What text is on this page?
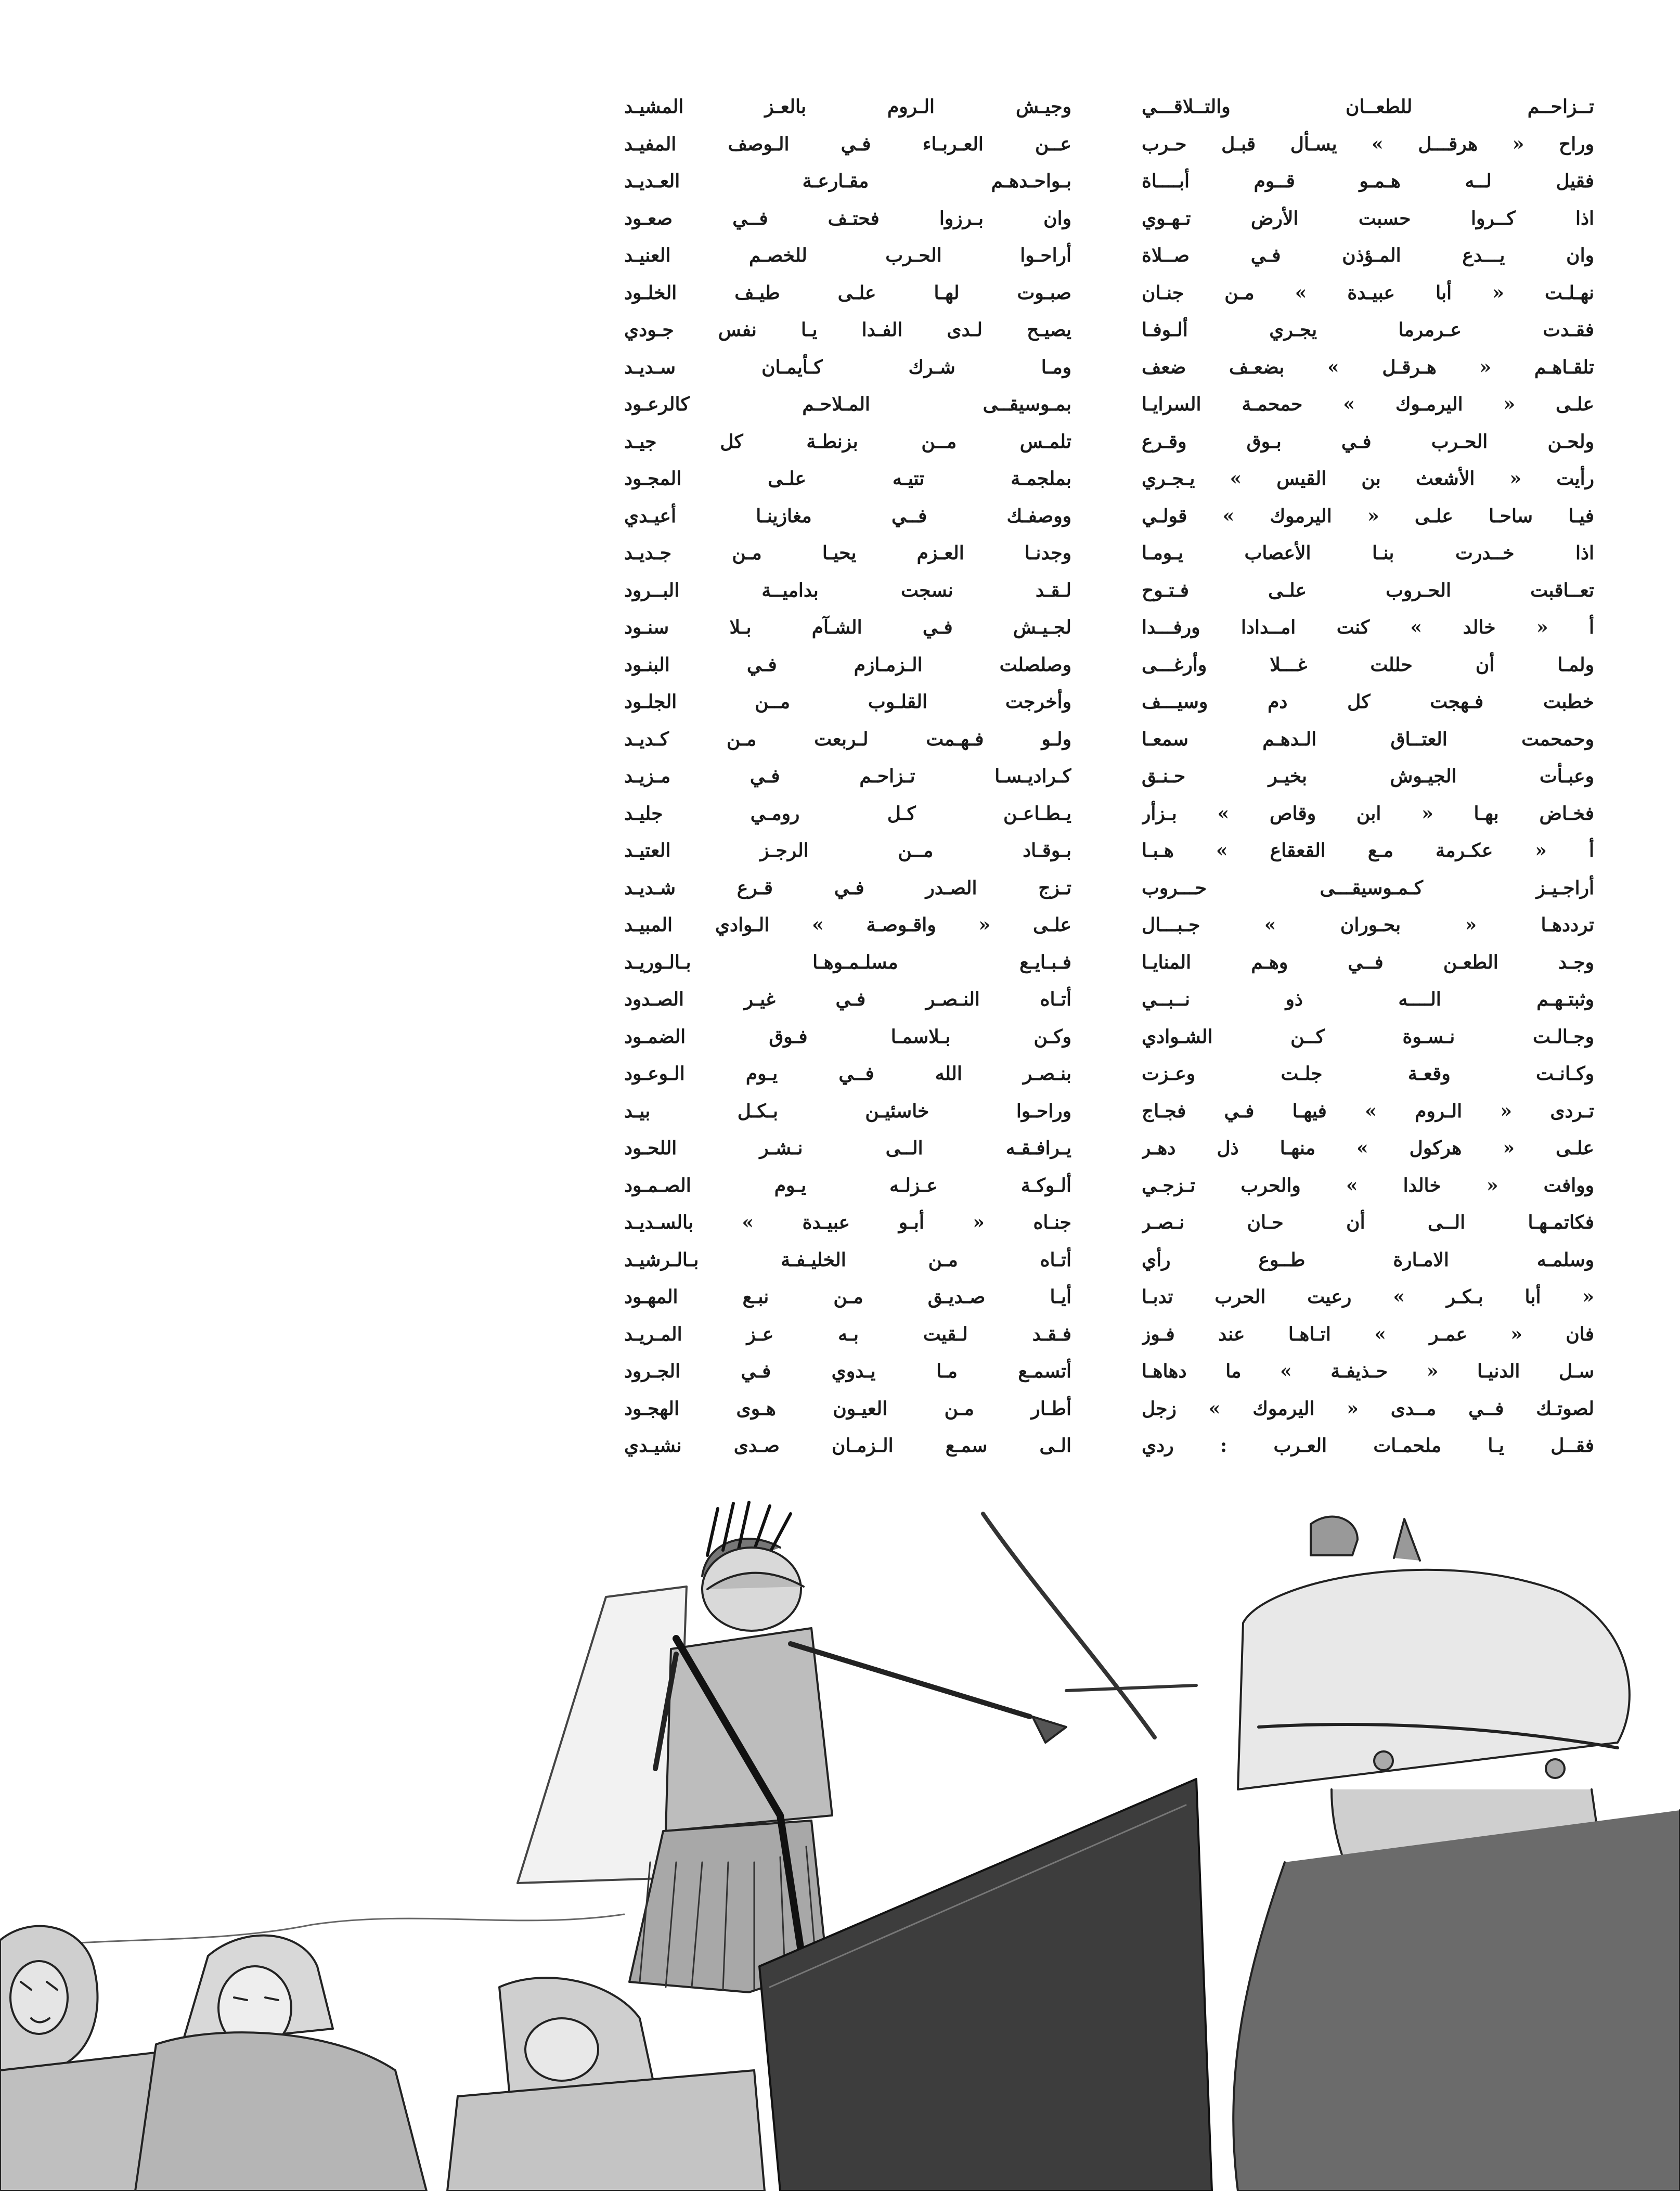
تــزاحــم للطعــان والتــلاقـــي
وراح « هرقـــل » يسـأل قبـل حـرب
فقيل لــه هـمـو قــوم أبــــاة
اذا كــروا حسبت الأرض تـهـوي
وان يـــدع المـؤذن فـي صــلاة
نهـلـت « أبا عبيـدة » مـن جنـان
فقـدت عـرمرما يجـري ألـوفـا
تلقـاهـم « هـرقـل » بضعـف ضعف
علـى « اليرمـوك » حمحمـة السرايـا
ولحـن الحـرب فـي بـوق وقـرع
رأيت « الأشعث بن القيس » يـجـري
فيـا ساحـا علـى « اليرموك » قولـي
اذا خــدرت بنـا الأعصاب يـومـا
تعــاقبت الحـروب علـى فـتـوح
أ « خالد » كنت امــدادا ورفـــدا
ولمـا أن حللت غـــلا وأرغـــى
خطبت فـهجت كل دم وسيـــف
وحمحمت العتــاق الـدهـم سمعـا
وعبـأت الجيـوش بخيـر حـنـق
فخـاض بهـا « ابن وقاص » بـزأر
أ « عكـرمة مـع القعقاع » هـبـا
أراجـيـز كـمـوسيقـــى حـــروب
ترددهـا « بحـوران » جـبـــال
وجـد الطعـن فــي وهـم المنايـا
وثبتـهـم الــــه ذو نــبــي
وجـالـت نـسـوة كــن الشـوادي
وكـانـت وقعـة جلـت وعـزت
تـردى « الـروم » فيهـا فـي فجـاج
علـى « هركول » منهـا ذل دهـر
ووافت « خالدا » والحرب تـزجـي
فكاتمـهـا الــى أن حـان نـصـر
وسلمـه الامـارة طــوع رأي
« أبا بـكـر » رعيت الحرب تدبـا
فان « عمـر » اتـاهـا عند فـوز
سـل الدنيـا « حـذيفـة » ما دهاهـا
لصوتـك فــي مــدى « اليرموك » زجل
فقــل يـا ملحمـات العـرب : ردي
وجيـش الـروم بالعـز المشيـد
عــن العـربـاء فـي الـوصف المفيـد
بـواحـدهـم مقـارعـة العـديـد
وان بـرزوا فحتـف فــي صعـود
أراحـوا الحـرب للخصـم العنيـد
صبـوت لهـا علـى طيـف الخلـود
يصيـح لـدى الفـدا يـا نفس جـودي
ومـا شـرك كـأيمـان سـديـد
بمـوسيقــى المـلاحـم كالرعـود
تلمـس مــن بزنطـة كل جيـد
بملجمـة تتيـه علـى المجـود
ووصفـك فــي مغازينـا أعيـدي
وجدنـا العـزم يحيـا مـن جـديـد
لـقـد نسجت بداميــة البــرود
لجـيـش فـي الشـآم بـلا سنـود
وصلصلت الـزمـازم فـي البنـود
وأخرجت القلـوب مــن الجلـود
ولـو فـهـمت لـربعت مـن كـديـد
كـراديـسـا تـزاحـم فـي مـزيـد
يـطـاعـن كـل رومـي جليـد
بـوقـاد مــن الرجـز العتيـد
تـزج الصـدر فـي قـرع شـديـد
علـى « واقـوصـة » الـوادي المبيـد
فـبـايـع مسلـمـوهـا بـالـوريـد
أتـاه النـصـر فـي غيـر الصـدود
وكـن بـلاسمـا فـوق الضمـود
بنـصـر الله فــي يـوم الـوعـود
وراحـوا خاسئيـن بـكـل بيـد
يـرافـقـه الــى نـشـر اللحـود
ألـوكـة عـزلـه يـوم الصـمـود
جنـاه « أبـو عبيـدة » بالسـديـد
أتـاه مـن الخليـفـة بـالـرشيـد
أيـا صـديـق مـن نبـع المهـود
فـقـد لـقيت بـه عـز المـريـد
أتسمـع مـا يـدوي فـي الجـرود
أطـار مـن العيـون هـوى الهجـود
الـى سمـع الـزمـان صـدى نشيـدي
